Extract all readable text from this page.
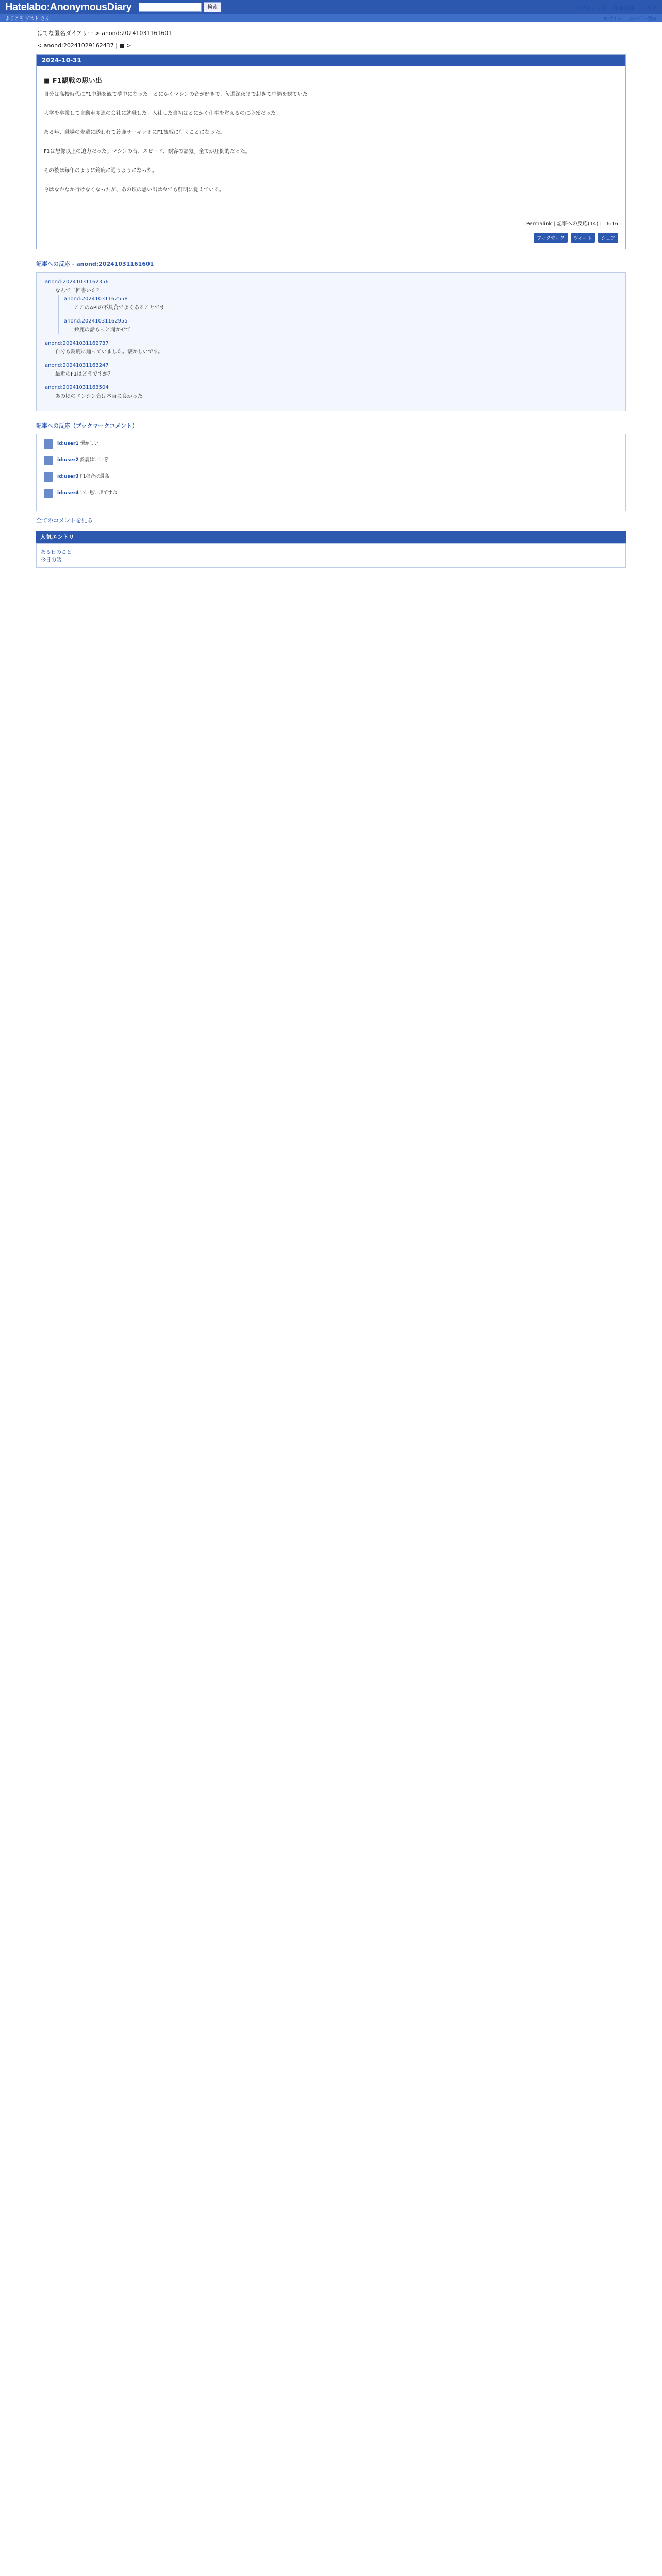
Hatelabo:AnonymousDiary	検索	ログインして 新規登録 ヘルプ
ようこそ ゲスト さん	ログイン ユーザー登録
はてな匿名ダイアリー > anond:20241031161601
< anond:20241029162437 | ■ >
2024-10-31
■ F1観戦の思い出

自分は高校時代にF1中継を観て夢中になった。とにかくマシンの音が好きで、毎週深夜まで起きて中継を観ていた。

大学を卒業して自動車関連の会社に就職した。入社した当初はとにかく仕事を覚えるのに必死だった。

ある年、職場の先輩に誘われて鈴鹿サーキットにF1観戦に行くことになった。

F1は想像以上の迫力だった。マシンの音、スピード、観客の熱気。全てが圧倒的だった。

その後は毎年のように鈴鹿に通うようになった。

今はなかなか行けなくなったが、あの頃の思い出は今でも鮮明に覚えている。

Permalink | 記事への反応(14) | 16:16
ブックマーク	ツイート	シェア
記事への反応 - anond:20241031161601
anond:20241031162356
なんで二回書いた？
anond:20241031162558
ここのAPIの不具合でよくあることです
anond:20241031162955
鈴鹿の話もっと聞かせて
anond:20241031162737
自分も鈴鹿に通っていました。懐かしいです。
anond:20241031163247
最近のF1はどうですか？
anond:20241031163504
あの頃のエンジン音は本当に良かった
記事への反応（ブックマークコメント）
id:user1 懐かしい
id:user2 鈴鹿はいいぞ
id:user3 F1の音は最高
id:user4 いい思い出ですね
全てのコメントを見る
人気エントリ
ある日のこと
今日の話
